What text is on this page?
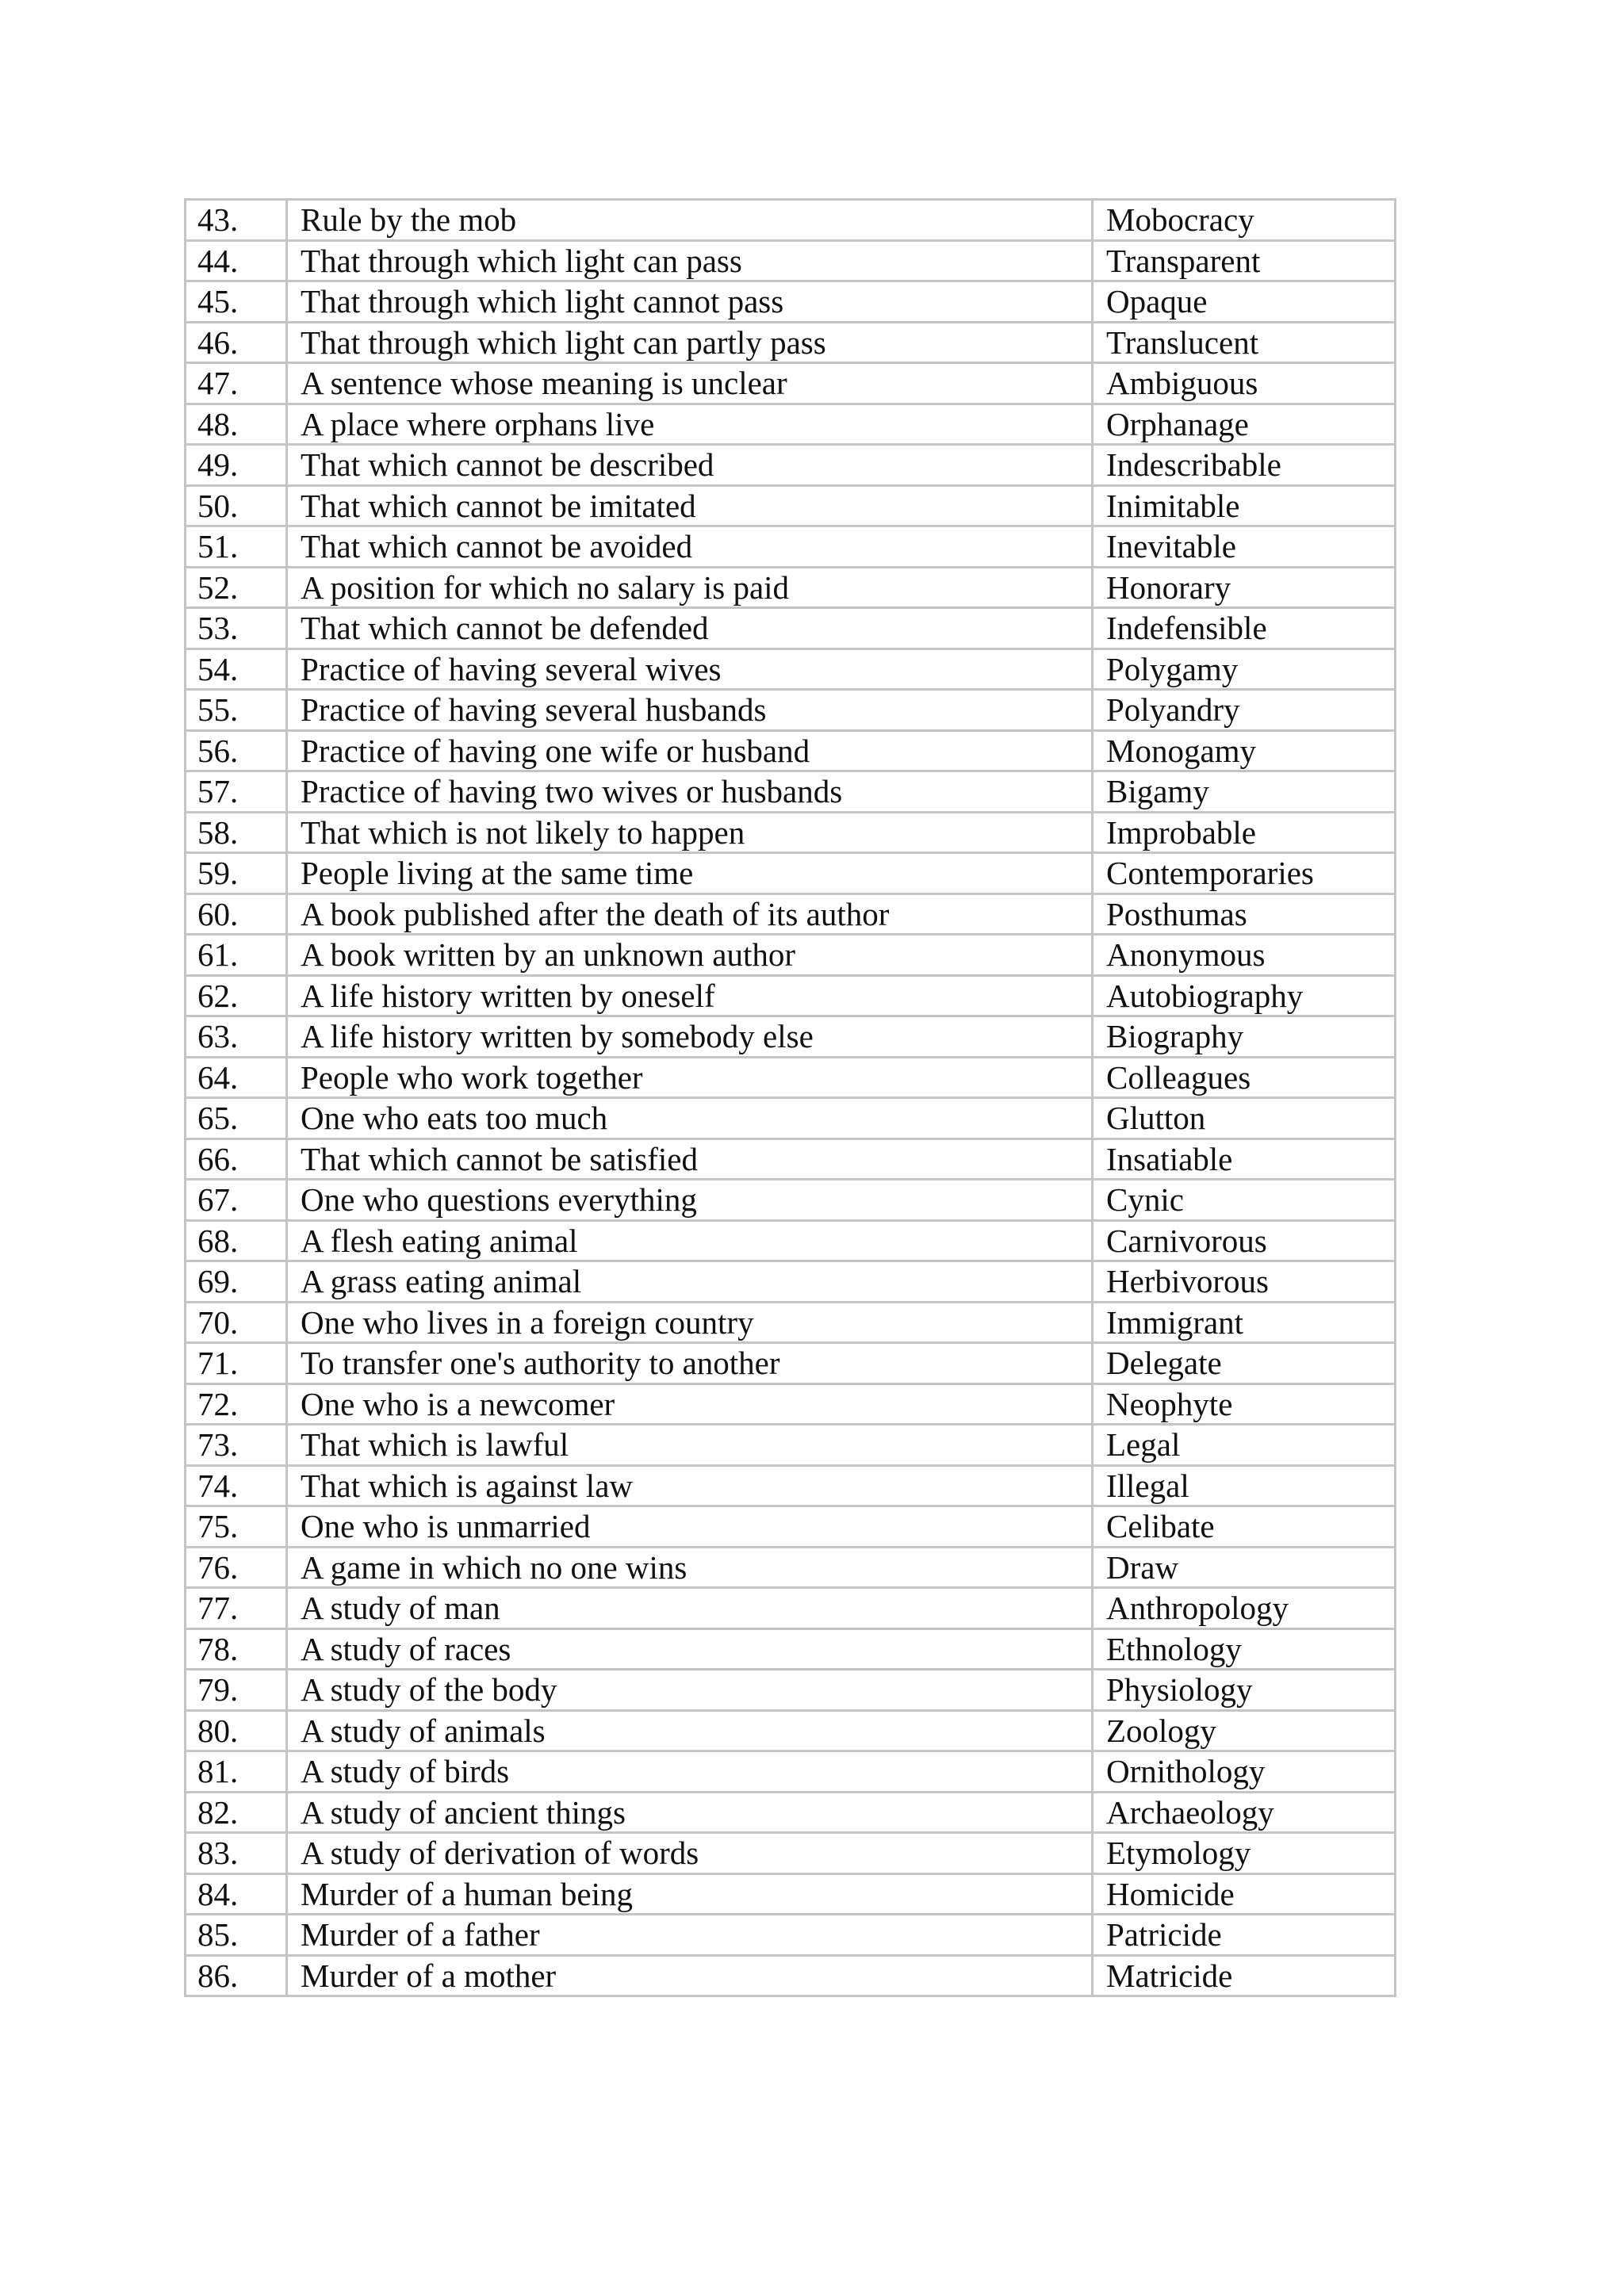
43.	Rule by the mob	Mobocracy
44.	That through which light can pass	Transparent
45.	That through which light cannot pass	Opaque
46.	That through which light can partly pass	Translucent
47.	A sentence whose meaning is unclear	Ambiguous
48.	A place where orphans live	Orphanage
49.	That which cannot be described	Indescribable
50.	That which cannot be imitated	Inimitable
51.	That which cannot be avoided	Inevitable
52.	A position for which no salary is paid	Honorary
53.	That which cannot be defended	Indefensible
54.	Practice of having several wives	Polygamy
55.	Practice of having several husbands	Polyandry
56.	Practice of having one wife or husband	Monogamy
57.	Practice of having two wives or husbands	Bigamy
58.	That which is not likely to happen	Improbable
59.	People living at the same time	Contemporaries
60.	A book published after the death of its author	Posthumas
61.	A book written by an unknown author	Anonymous
62.	A life history written by oneself	Autobiography
63.	A life history written by somebody else	Biography
64.	People who work together	Colleagues
65.	One who eats too much	Glutton
66.	That which cannot be satisfied	Insatiable
67.	One who questions everything	Cynic
68.	A flesh eating animal	Carnivorous
69.	A grass eating animal	Herbivorous
70.	One who lives in a foreign country	Immigrant
71.	To transfer one's authority to another	Delegate
72.	One who is a newcomer	Neophyte
73.	That which is lawful	Legal
74.	That which is against law	Illegal
75.	One who is unmarried	Celibate
76.	A game in which no one wins	Draw
77.	A study of man	Anthropology
78.	A study of races	Ethnology
79.	A study of the body	Physiology
80.	A study of animals	Zoology
81.	A study of birds	Ornithology
82.	A study of ancient things	Archaeology
83.	A study of derivation of words	Etymology
84.	Murder of a human being	Homicide
85.	Murder of a father	Patricide
86.	Murder of a mother	Matricide
